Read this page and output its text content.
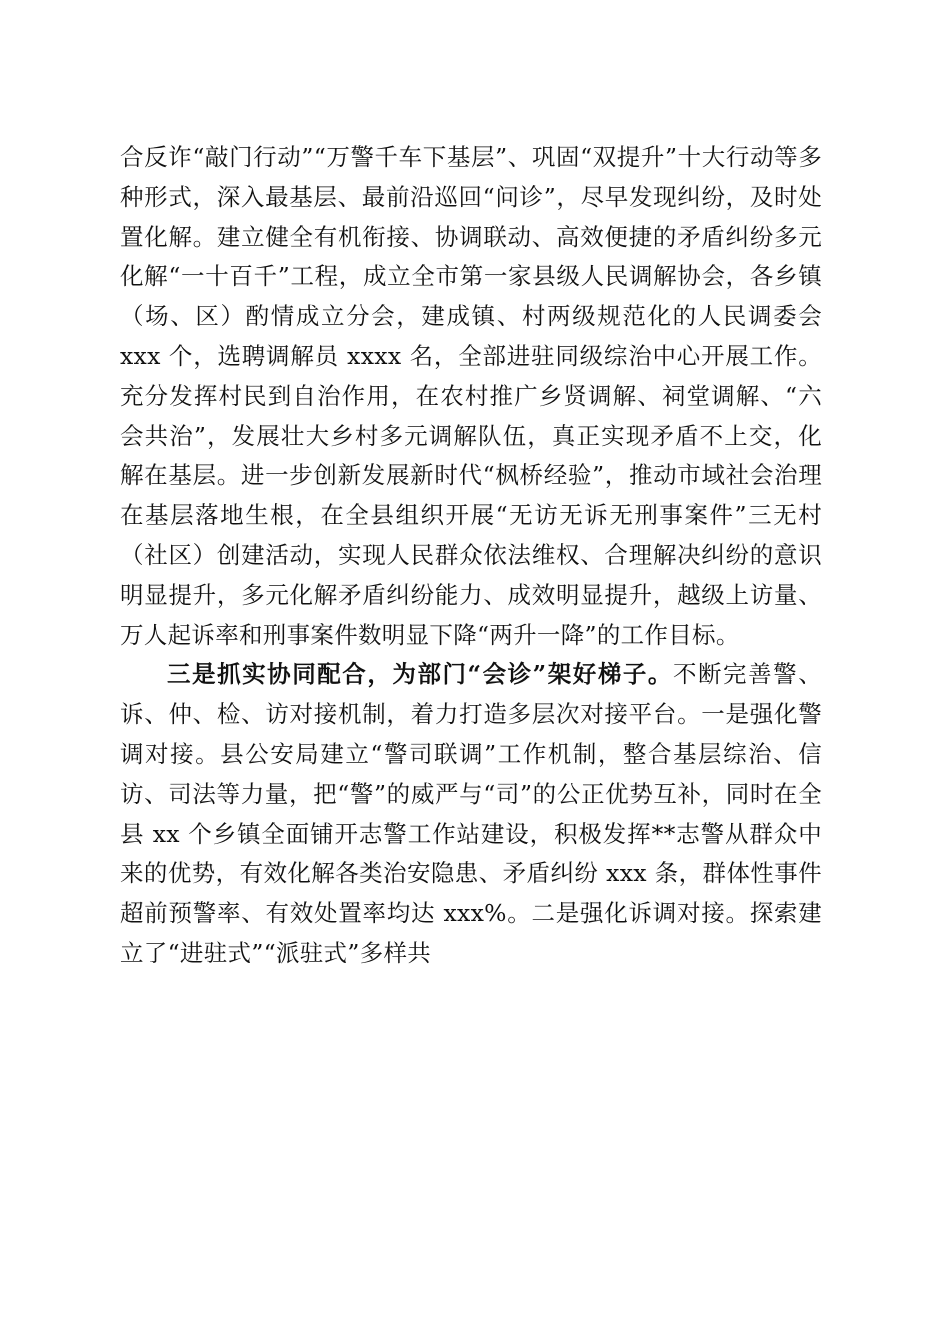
合反诈“敲门行动”“万警千车下基层”、巩固“双提升”十大行动等多种形式，深入最基层、最前沿巡回“问诊”，尽早发现纠纷，及时处置化解。建立健全有机衔接、协调联动、高效便捷的矛盾纠纷多元化解“一十百千”工程，成立全市第一家县级人民调解协会，各乡镇（场、区）酌情成立分会，建成镇、村两级规范化的人民调委会 xxx 个，选聘调解员 xxxx 名，全部进驻同级综治中心开展工作。充分发挥村民到自治作用，在农村推广乡贤调解、祠堂调解、“六会共治”，发展壮大乡村多元调解队伍，真正实现矛盾不上交，化解在基层。进一步创新发展新时代“枫桥经验”，推动市域社会治理在基层落地生根，在全县组织开展“无访无诉无刑事案件”三无村（社区）创建活动，实现人民群众依法维权、合理解决纠纷的意识明显提升，多元化解矛盾纠纷能力、成效明显提升，越级上访量、万人起诉率和刑事案件数明显下降“两升一降”的工作目标。

三是抓实协同配合，为部门“会诊”架好梯子。不断完善警、诉、仲、检、访对接机制，着力打造多层次对接平台。一是强化警调对接。县公安局建立“警司联调”工作机制，整合基层综治、信访、司法等力量，把“警”的威严与“司”的公正优势互补，同时在全县 xx 个乡镇全面铺开志警工作站建设，积极发挥**志警从群众中来的优势，有效化解各类治安隐患、矛盾纠纷 xxx 条，群体性事件超前预警率、有效处置率均达 xxx%。二是强化诉调对接。探索建立了“进驻式”“派驻式”多样共
